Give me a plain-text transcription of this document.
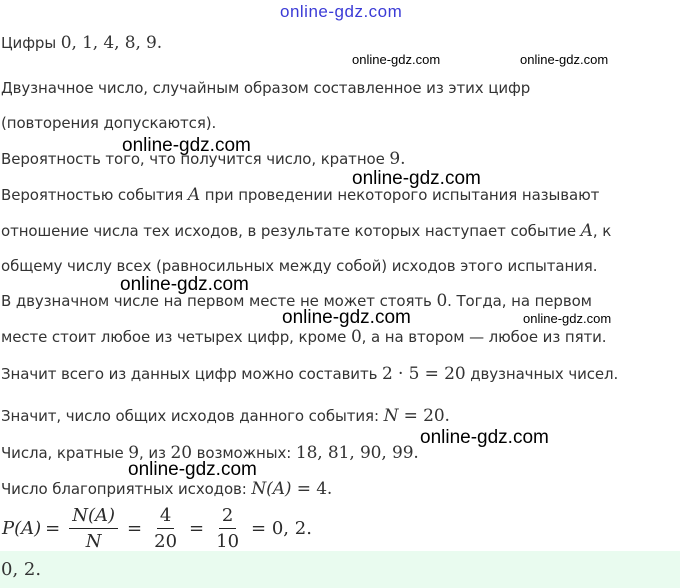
online-gdz.com
Цифры 0, 1, 4, 8, 9.
online-gdz.com	online-gdz.com
Двузначное число, случайным образом составленное из этих цифр
(повторения допускаются).
online-gdz.com
Вероятность того, что получится число, кратное 9.
online-gdz.com
Вероятностью события A при проведении некоторого испытания называют
отношение числа тех исходов, в результате которых наступает событие A, к
общему числу всех (равносильных между собой) исходов этого испытания.
online-gdz.com
В двузначном числе на первом месте не может стоять 0. Тогда, на первом
online-gdz.com	online-gdz.com
месте стоит любое из четырех цифр, кроме 0, а на втором — любое из пяти.
Значит всего из данных цифр можно составить 2 · 5 = 20 двузначных чисел.
Значит, число общих исходов данного события: N = 20.
online-gdz.com
Числа, кратные 9, из 20 возможных: 18, 81, 90, 99.
online-gdz.com
Число благоприятных исходов: N(A) = 4.
$P(A) = \frac{N(A)}{N} = \frac{4}{20} = \frac{2}{10} = 0$, 2.
0, 2.
